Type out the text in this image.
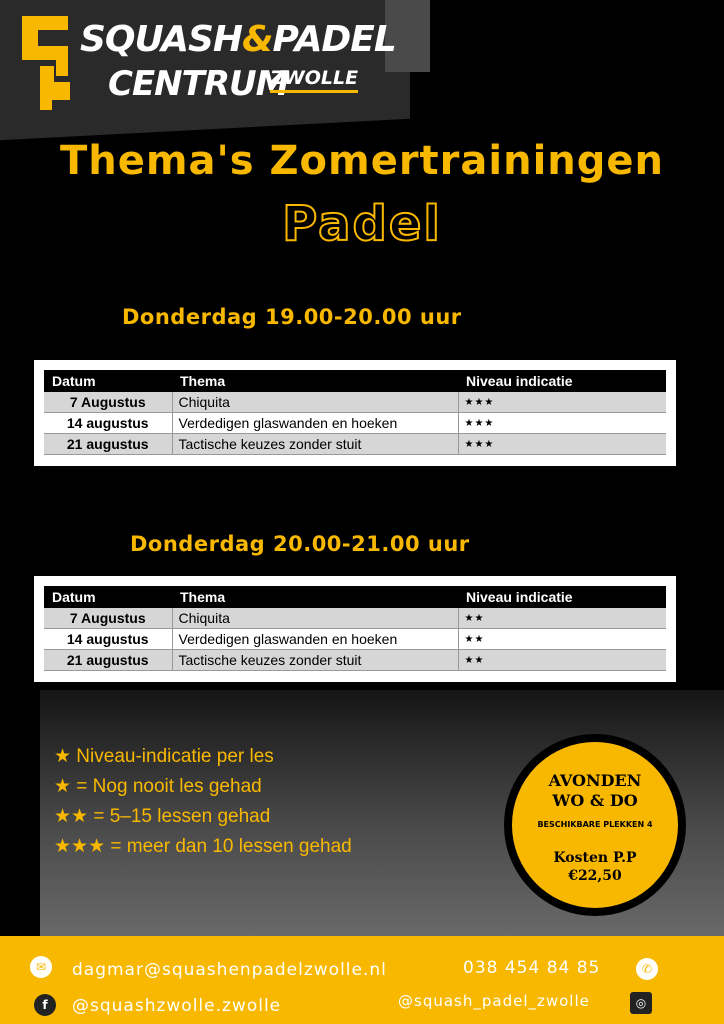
SQUASH&PADEL
CENTRUM
ZWOLLE
Thema's Zomertrainingen
Padel
Donderdag 19.00-20.00 uur
Datum	Thema	Niveau indicatie
7 Augustus	Chiquita	★★★
14 augustus	Verdedigen glaswanden en hoeken	★★★
21 augustus	Tactische keuzes zonder stuit	★★★
Donderdag 20.00-21.00 uur
Datum	Thema	Niveau indicatie
7 Augustus	Chiquita	★★
14 augustus	Verdedigen glaswanden en hoeken	★★
21 augustus	Tactische keuzes zonder stuit	★★
★ Niveau-indicatie per les
★ = Nog nooit les gehad
★★ = 5–15 lessen gehad
★★★ = meer dan 10 lessen gehad
AVONDEN
WO & DO
BESCHIKBARE PLEKKEN 4
Kosten P.P
€22,50
✉	dagmar@squashenpadelzwolle.nl	038 454 84 85	✆
f	@squashzwolle.zwolle	@squash_padel_zwolle	◎
